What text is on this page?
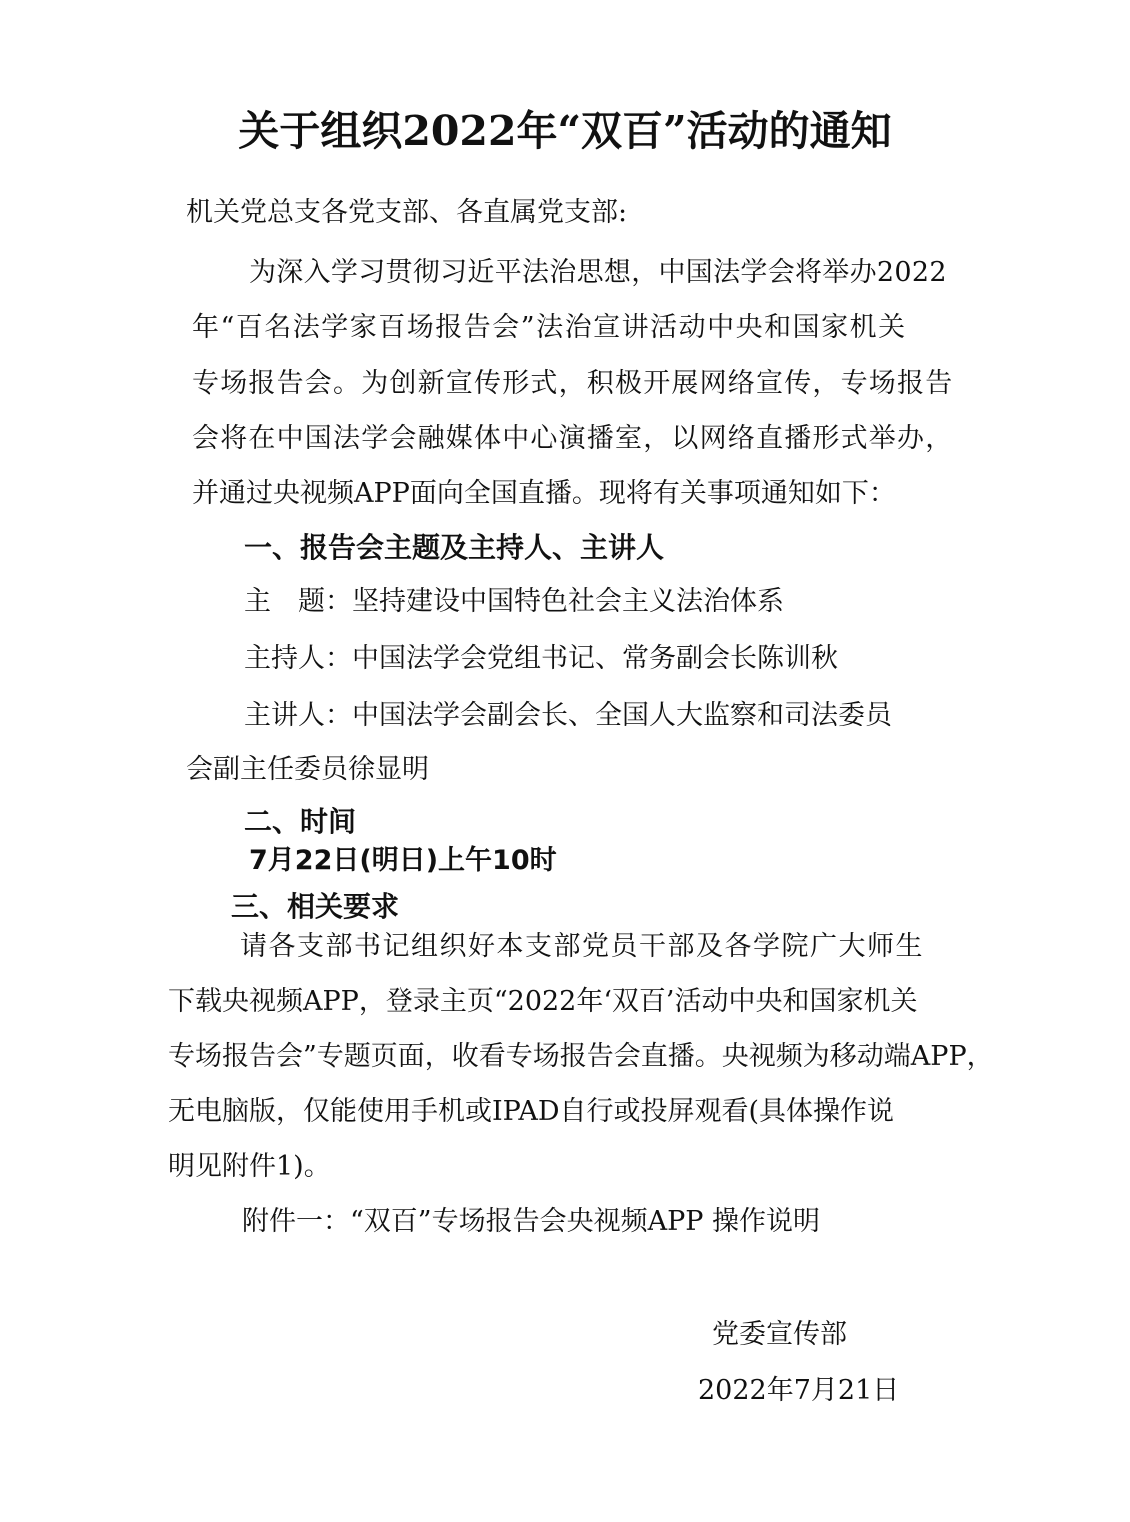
关于组织2022年“双百”活动的通知

机关党总支各党支部、各直属党支部:

为深入学习贯彻习近平法治思想，中国法学会将举办2022

年“百名法学家百场报告会”法治宣讲活动中央和国家机关

专场报告会。为创新宣传形式，积极开展网络宣传，专场报告

会将在中国法学会融媒体中心演播室，以网络直播形式举办，

并通过央视频APP面向全国直播。现将有关事项通知如下：

一、报告会主题及主持人、主讲人

主　题：坚持建设中国特色社会主义法治体系

主持人：中国法学会党组书记、常务副会长陈训秋

主讲人：中国法学会副会长、全国人大监察和司法委员

会副主任委员徐显明

二、时间

7月22日(明日)上午10时

三、相关要求

请各支部书记组织好本支部党员干部及各学院广大师生

下载央视频APP，登录主页“2022年‘双百’活动中央和国家机关

专场报告会”专题页面，收看专场报告会直播。央视频为移动端APP，

无电脑版，仅能使用手机或IPAD自行或投屏观看(具体操作说

明见附件1)。

附件一：“双百”专场报告会央视频APP 操作说明

党委宣传部

2022年7月21日
